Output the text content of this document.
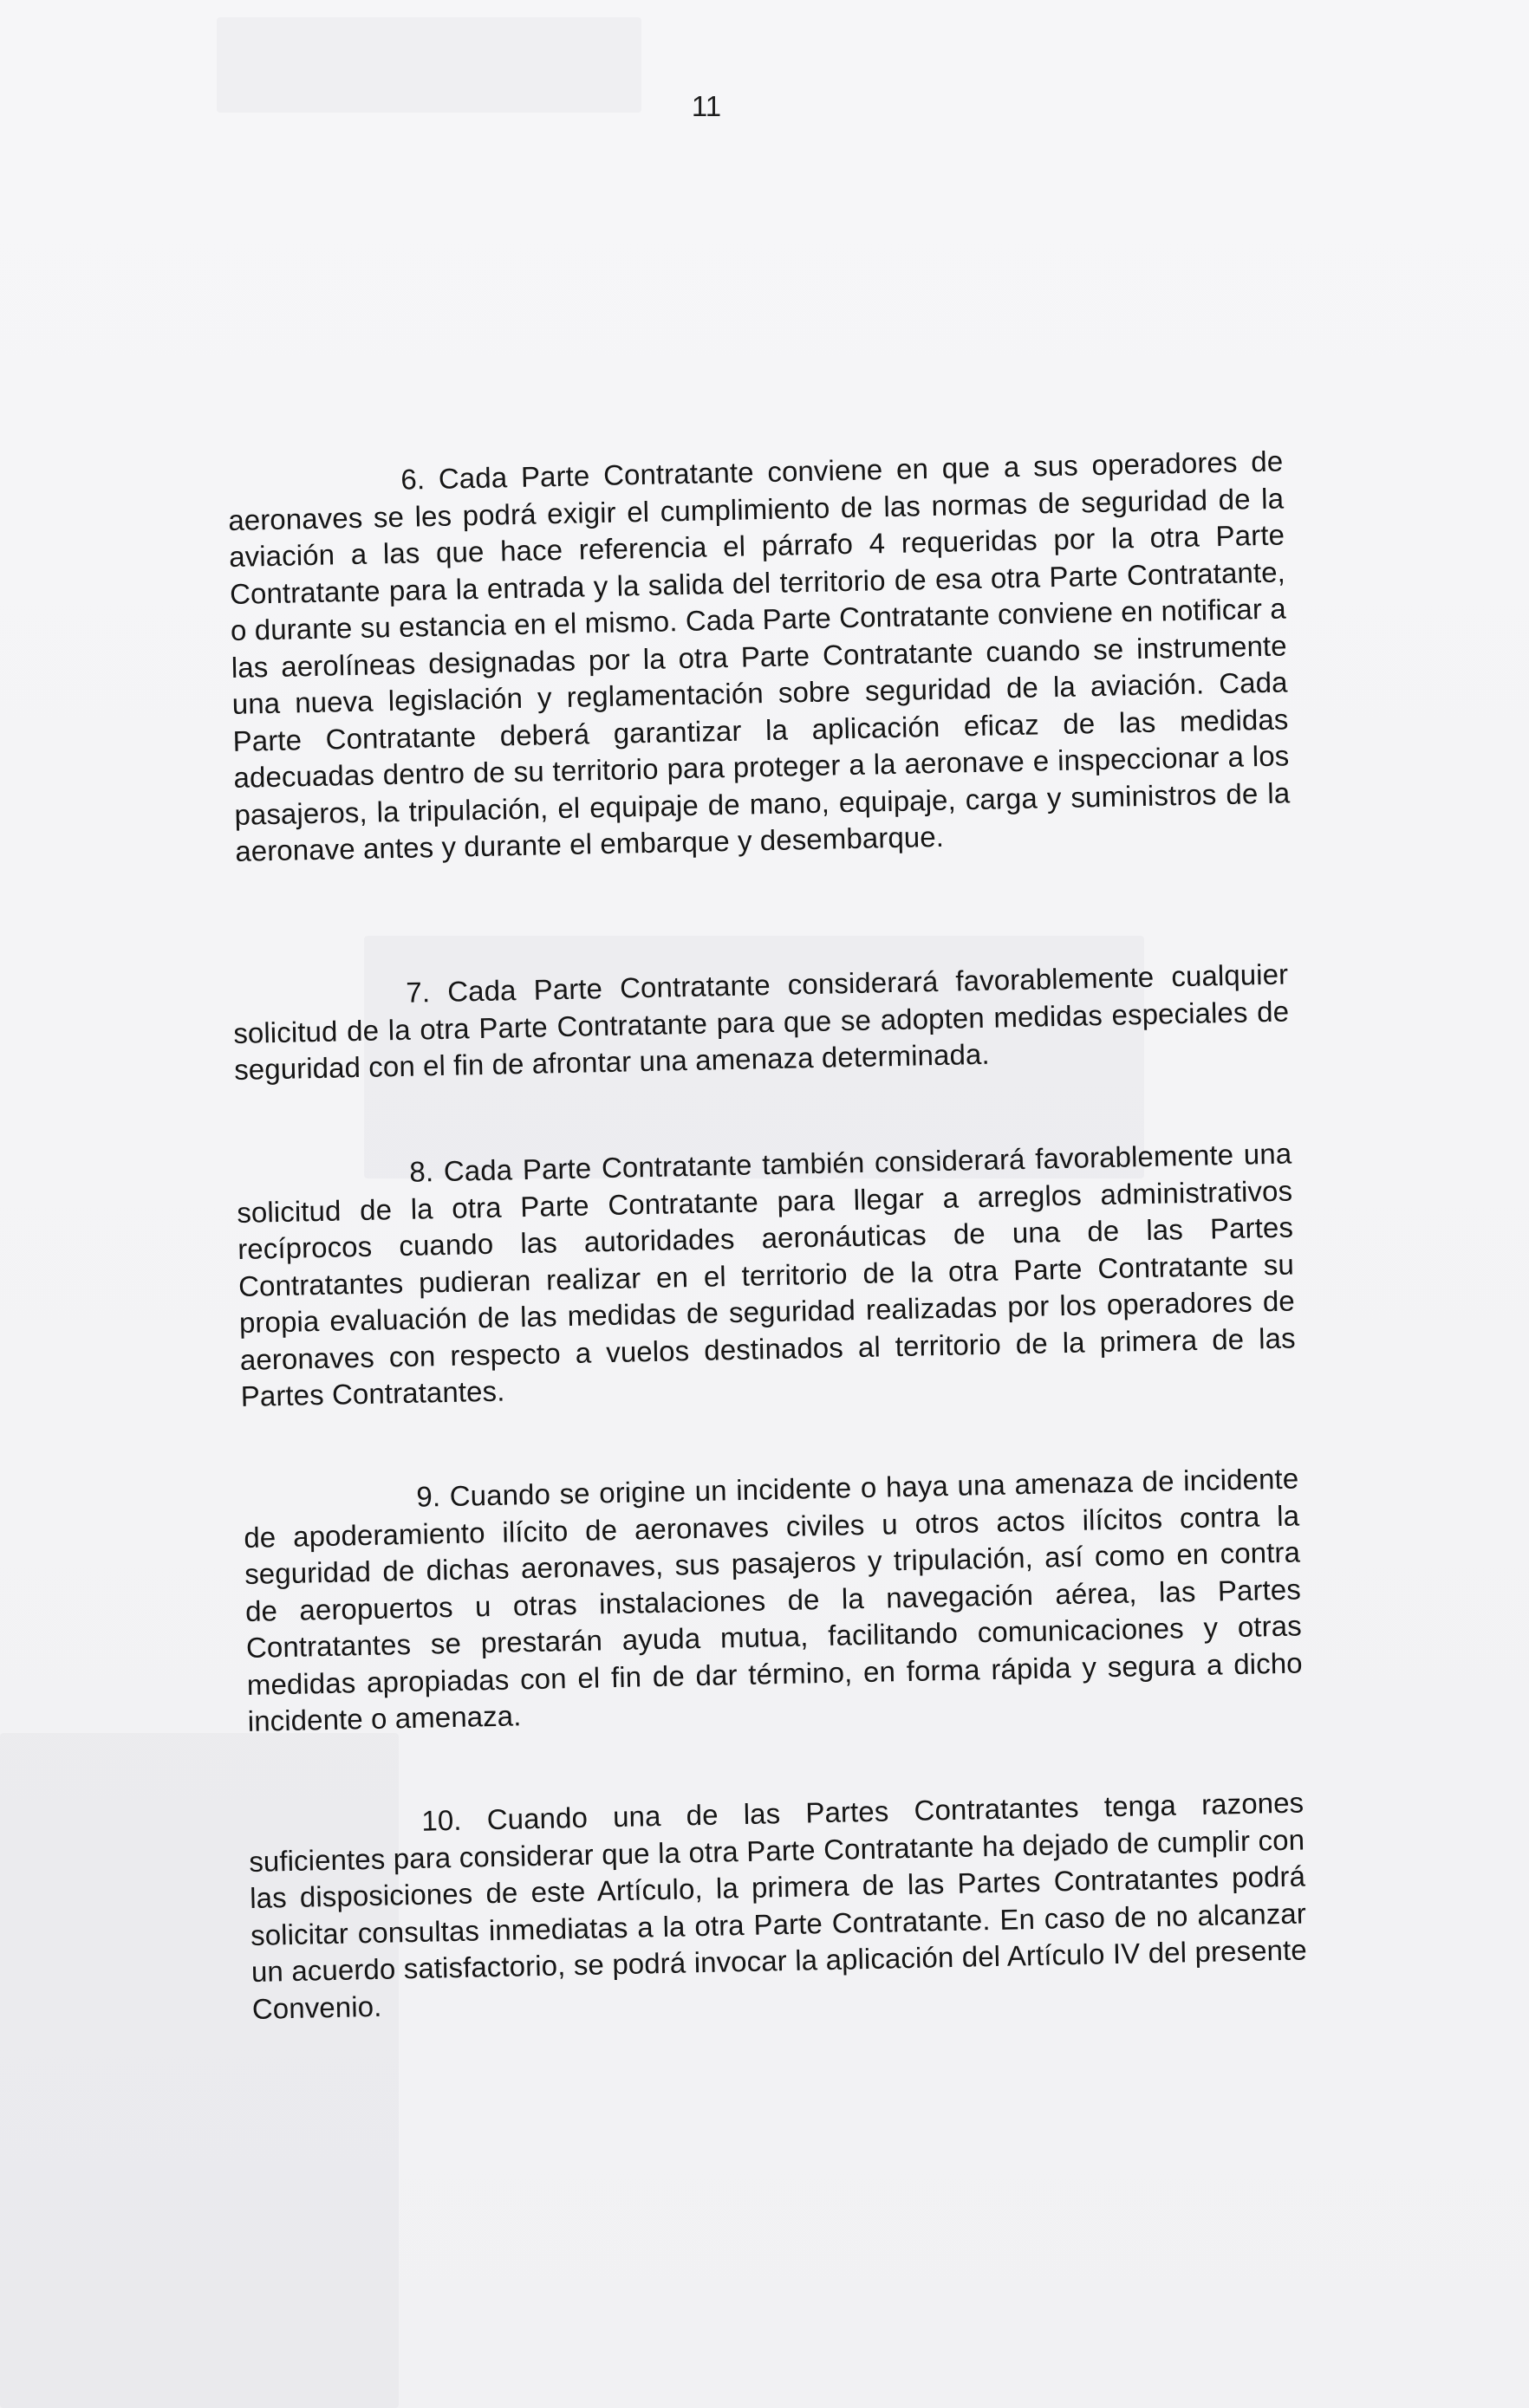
11

6. Cada Parte Contratante conviene en que a sus operadores de aeronaves se les podrá exigir el cumplimiento de las normas de seguridad de la aviación a las que hace referencia el párrafo 4 requeridas por la otra Parte Contratante para la entrada y la salida del territorio de esa otra Parte Contratante, o durante su estancia en el mismo. Cada Parte Contratante conviene en notificar a las aerolíneas designadas por la otra Parte Contratante cuando se instrumente una nueva legislación y reglamentación sobre seguridad de la aviación. Cada Parte Contratante deberá garantizar la aplicación eficaz de las medidas adecuadas dentro de su territorio para proteger a la aeronave e inspeccionar a los pasajeros, la tripulación, el equipaje de mano, equipaje, carga y suministros de la aeronave antes y durante el embarque y desembarque.

7. Cada Parte Contratante considerará favorablemente cualquier solicitud de la otra Parte Contratante para que se adopten medidas especiales de seguridad con el fin de afrontar una amenaza determinada.

8. Cada Parte Contratante también considerará favorablemente una solicitud de la otra Parte Contratante para llegar a arreglos administrativos recíprocos cuando las autoridades aeronáuticas de una de las Partes Contratantes pudieran realizar en el territorio de la otra Parte Contratante su propia evaluación de las medidas de seguridad realizadas por los operadores de aeronaves con respecto a vuelos destinados al territorio de la primera de las Partes Contratantes.

9. Cuando se origine un incidente o haya una amenaza de incidente de apoderamiento ilícito de aeronaves civiles u otros actos ilícitos contra la seguridad de dichas aeronaves, sus pasajeros y tripulación, así como en contra de aeropuertos u otras instalaciones de la navegación aérea, las Partes Contratantes se prestarán ayuda mutua, facilitando comunicaciones y otras medidas apropiadas con el fin de dar término, en forma rápida y segura a dicho incidente o amenaza.

10. Cuando una de las Partes Contratantes tenga razones suficientes para considerar que la otra Parte Contratante ha dejado de cumplir con las disposiciones de este Artículo, la primera de las Partes Contratantes podrá solicitar consultas inmediatas a la otra Parte Contratante. En caso de no alcanzar un acuerdo satisfactorio, se podrá invocar la aplicación del Artículo IV del presente Convenio.
